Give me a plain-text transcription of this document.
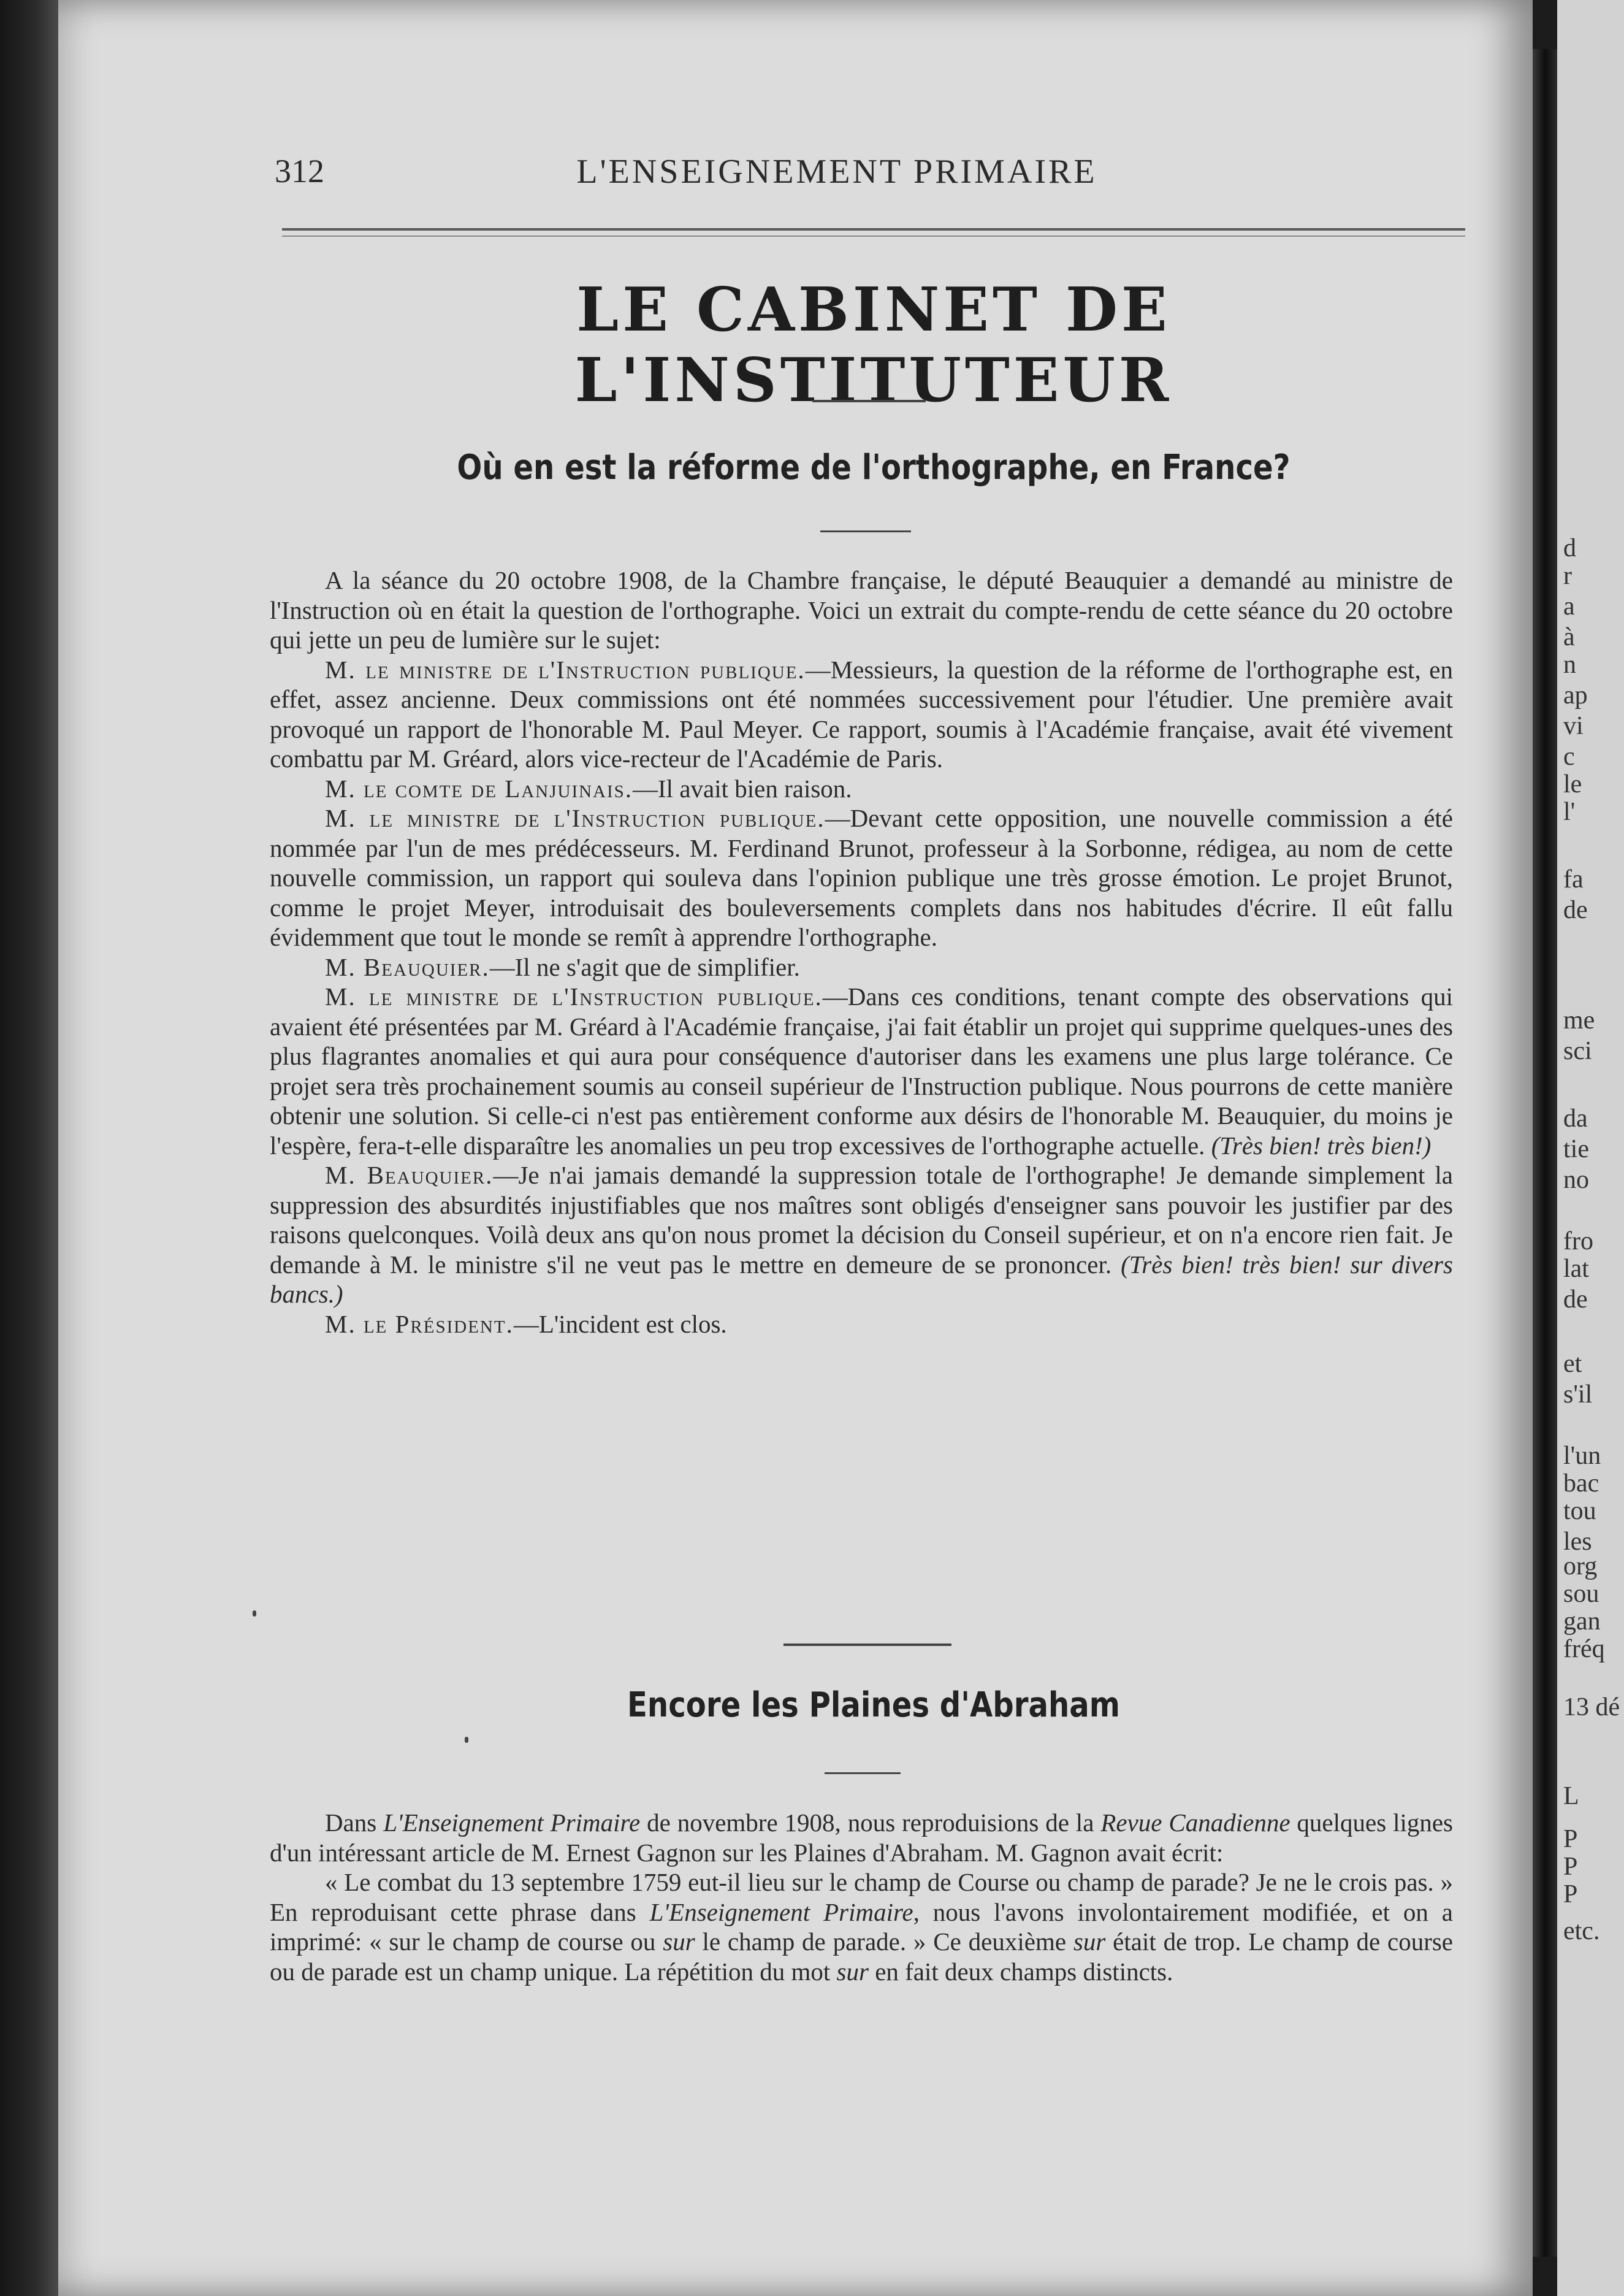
312	L'ENSEIGNEMENT PRIMAIRE
LE CABINET DE L'INSTITUTEUR
Où en est la réforme de l'orthographe, en France?

A la séance du 20 octobre 1908, de la Chambre française, le député Beauquier a demandé au ministre de l'Instruction où en était la question de l'orthographe. Voici un extrait du compte-rendu de cette séance du 20 octobre qui jette un peu de lumière sur le sujet:

M. le ministre de l'Instruction publique.—Messieurs, la question de la réforme de l'orthographe est, en effet, assez ancienne. Deux commissions ont été nommées successivement pour l'étudier. Une première avait provoqué un rapport de l'honorable M. Paul Meyer. Ce rapport, soumis à l'Académie française, avait été vivement combattu par M. Gréard, alors vice-recteur de l'Académie de Paris.

M. le comte de Lanjuinais.—Il avait bien raison.

M. le ministre de l'Instruction publique.—Devant cette opposition, une nouvelle commission a été nommée par l'un de mes prédécesseurs. M. Ferdinand Brunot, professeur à la Sorbonne, rédigea, au nom de cette nouvelle commission, un rapport qui souleva dans l'opinion publique une très grosse émotion. Le projet Brunot, comme le projet Meyer, introduisait des bouleversements complets dans nos habitudes d'écrire. Il eût fallu évidemment que tout le monde se remît à apprendre l'orthographe.

M. Beauquier.—Il ne s'agit que de simplifier.

M. le ministre de l'Instruction publique.—Dans ces conditions, tenant compte des observations qui avaient été présentées par M. Gréard à l'Académie française, j'ai fait établir un projet qui supprime quelques-unes des plus flagrantes anomalies et qui aura pour conséquence d'autoriser dans les examens une plus large tolérance. Ce projet sera très prochainement soumis au conseil supérieur de l'Instruction publique. Nous pourrons de cette manière obtenir une solution. Si celle-ci n'est pas entièrement conforme aux désirs de l'honorable M. Beauquier, du moins je l'espère, fera-t-elle disparaître les anomalies un peu trop excessives de l'orthographe actuelle. (Très bien! très bien!)

M. Beauquier.—Je n'ai jamais demandé la suppression totale de l'orthographe! Je demande simplement la suppression des absurdités injustifiables que nos maîtres sont obligés d'enseigner sans pouvoir les justifier par des raisons quelconques. Voilà deux ans qu'on nous promet la décision du Conseil supérieur, et on n'a encore rien fait. Je demande à M. le ministre s'il ne veut pas le mettre en demeure de se prononcer. (Très bien! très bien! sur divers bancs.)

M. le Président.—L'incident est clos.

Encore les Plaines d'Abraham

Dans L'Enseignement Primaire de novembre 1908, nous reproduisions de la Revue Canadienne quelques lignes d'un intéressant article de M. Ernest Gagnon sur les Plaines d'Abraham. M. Gagnon avait écrit:

« Le combat du 13 septembre 1759 eut-il lieu sur le champ de Course ou champ de parade? Je ne le crois pas. » En reproduisant cette phrase dans L'Enseignement Primaire, nous l'avons involontairement modifiée, et on a imprimé: « sur le champ de course ou sur le champ de parade. » Ce deuxième sur était de trop. Le champ de course ou de parade est un champ unique. La répétition du mot sur en fait deux champs distincts.

d
r
a
à
n
ap
vi
c
le
l'
fa
de
me
sci
da
tie
no
fro
lat
de
et
s'il
l'un
bac
tou
les
org
sou
gan
fréq
13 dé
L
P
P
P
etc.
